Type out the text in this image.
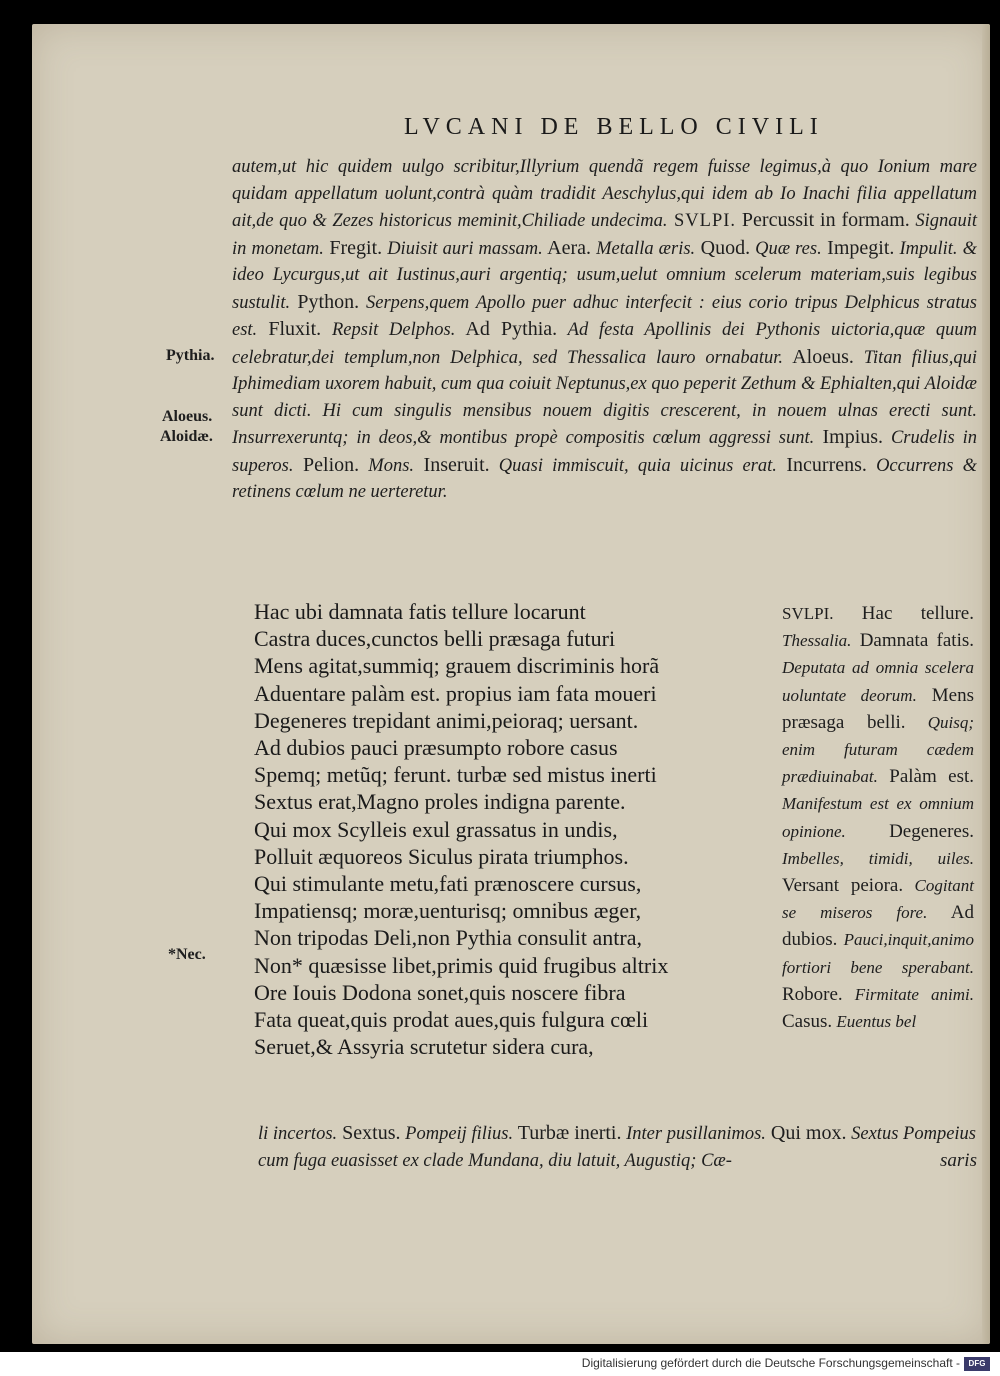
LVCANI DE BELLO CIVILI
autem,ut hic quidem uulgo scribitur,Illyrium quendã regem fuisse legimus,à quo Ionium mare quidam appellatum uolunt,contrà quàm tradidit Aeschylus,qui idem ab Io Inachi filia appellatum ait,de quo & Zezes historicus meminit,Chiliade undecima. SVLPI. Percussit in formam. Signauit in monetam. Fregit. Diuisit auri massam. Aera. Metalla æris. Quod. Quæ res. Impegit. Impulit. & ideo Lycurgus,ut ait Iustinus,auri argentiq; usum,uelut omnium scelerum materiam,suis legibus sustulit. Python. Serpens,quem Apollo puer adhuc interfecit : eius corio tripus Delphicus stratus est. Fluxit. Repsit Delphos. Ad Pythia. Ad festa Apollinis dei Pythonis uictoria,quæ quum celebratur,dei templum,non Delphica, sed Thessalica lauro ornabatur. Aloeus. Titan filius,qui Iphimediam uxorem habuit, cum qua coiuit Neptunus,ex quo peperit Zethum & Ephialten,qui Aloidæ sunt dicti. Hi cum singulis mensibus nouem digitis crescerent, in nouem ulnas erecti sunt. Insurrexeruntq; in deos,& montibus propè compositis cœlum aggressi sunt. Impius. Crudelis in superos. Pelion. Mons. Inseruit. Quasi immiscuit, quia uicinus erat. Incurrens. Occurrens & retinens cœlum ne uerteretur.
Pythia.
Aloeus.
Aloidæ.
*Nec.
Hac ubi damnata fatis tellure locarunt
Castra duces,cunctos belli præsaga futuri
Mens agitat,summiq; grauem discriminis horã
Aduentare palàm est. propius iam fata moueri
Degeneres trepidant animi,peioraq; uersant.
Ad dubios pauci præsumpto robore casus
Spemq; metũq; ferunt. turbæ sed mistus inerti
Sextus erat,Magno proles indigna parente.
Qui mox Scylleis exul grassatus in undis,
Polluit æquoreos Siculus pirata triumphos.
Qui stimulante metu,fati prænoscere cursus,
Impatiensq; moræ,uenturisq; omnibus æger,
Non tripodas Deli,non Pythia consulit antra,
Non* quæsisse libet,primis quid frugibus altrix
Ore Iouis Dodona sonet,quis noscere fibra
Fata queat,quis prodat aues,quis fulgura cœli
Seruet,& Assyria scrutetur sidera cura,
SVLPI. Hac tellure. Thessalia. Damnata fatis. Deputata ad omnia scelera uoluntate deorum. Mens præsaga belli. Quisq; enim futuram cædem prædiuinabat. Palàm est. Manifestum est ex omnium opinione. Degeneres. Imbelles, timidi, uiles. Versant peiora. Cogitant se miseros fore. Ad dubios. Pauci,inquit,animo fortiori bene sperabant. Robore. Firmitate animi. Casus. Euentus bel
li incertos. Sextus. Pompeij filius. Turbæ inerti. Inter pusillanimos. Qui mox. Sextus Pompeius cum fuga euasisset ex clade Mundana, diu latuit, Augustiq; Cæ-	saris
Digitalisierung gefördert durch die Deutsche Forschungsgemeinschaft -	DFG
